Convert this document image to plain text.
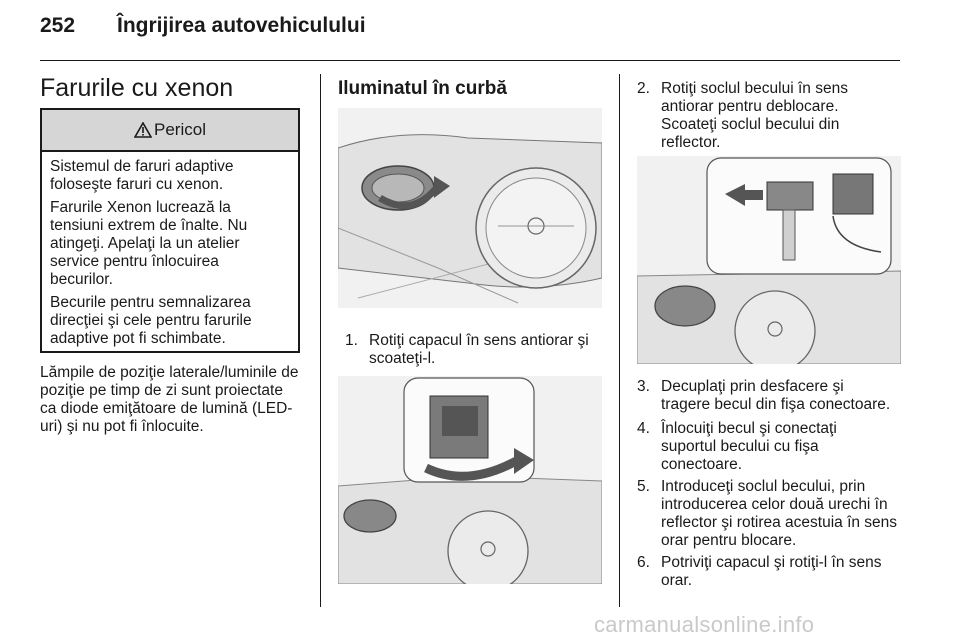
252 Îngrijirea autovehiculului
Farurile cu xenon
Pericol

Sistemul de faruri adaptive
foloseşte faruri cu xenon.

Farurile Xenon lucrează la
tensiuni extrem de înalte. Nu
atingeţi. Apelaţi la un atelier
service pentru înlocuirea
becurilor.

Becurile pentru semnalizarea
direcţiei şi cele pentru farurile
adaptive pot fi schimbate.

Lămpile de poziţie laterale/luminile de
poziţie pe timp de zi sunt proiectate
ca diode emiţătoare de lumină (LED-
uri) şi nu pot fi înlocuite.
Iluminatul în curbă
1. Rotiţi capacul în sens antiorar şi
scoateţi-l.
2. Rotiţi soclul becului în sens
antiorar pentru deblocare.
Scoateţi soclul becului din
reflector.
3. Decuplaţi prin desfacere şi
tragere becul din fişa conectoare.
4. Înlocuiţi becul şi conectaţi
suportul becului cu fişa
conectoare.
5. Introduceţi soclul becului, prin
introducerea celor două urechi în
reflector şi rotirea acestuia în sens
orar pentru blocare.
6. Potriviţi capacul şi rotiţi-l în sens
orar.
carmanualsonline.info
